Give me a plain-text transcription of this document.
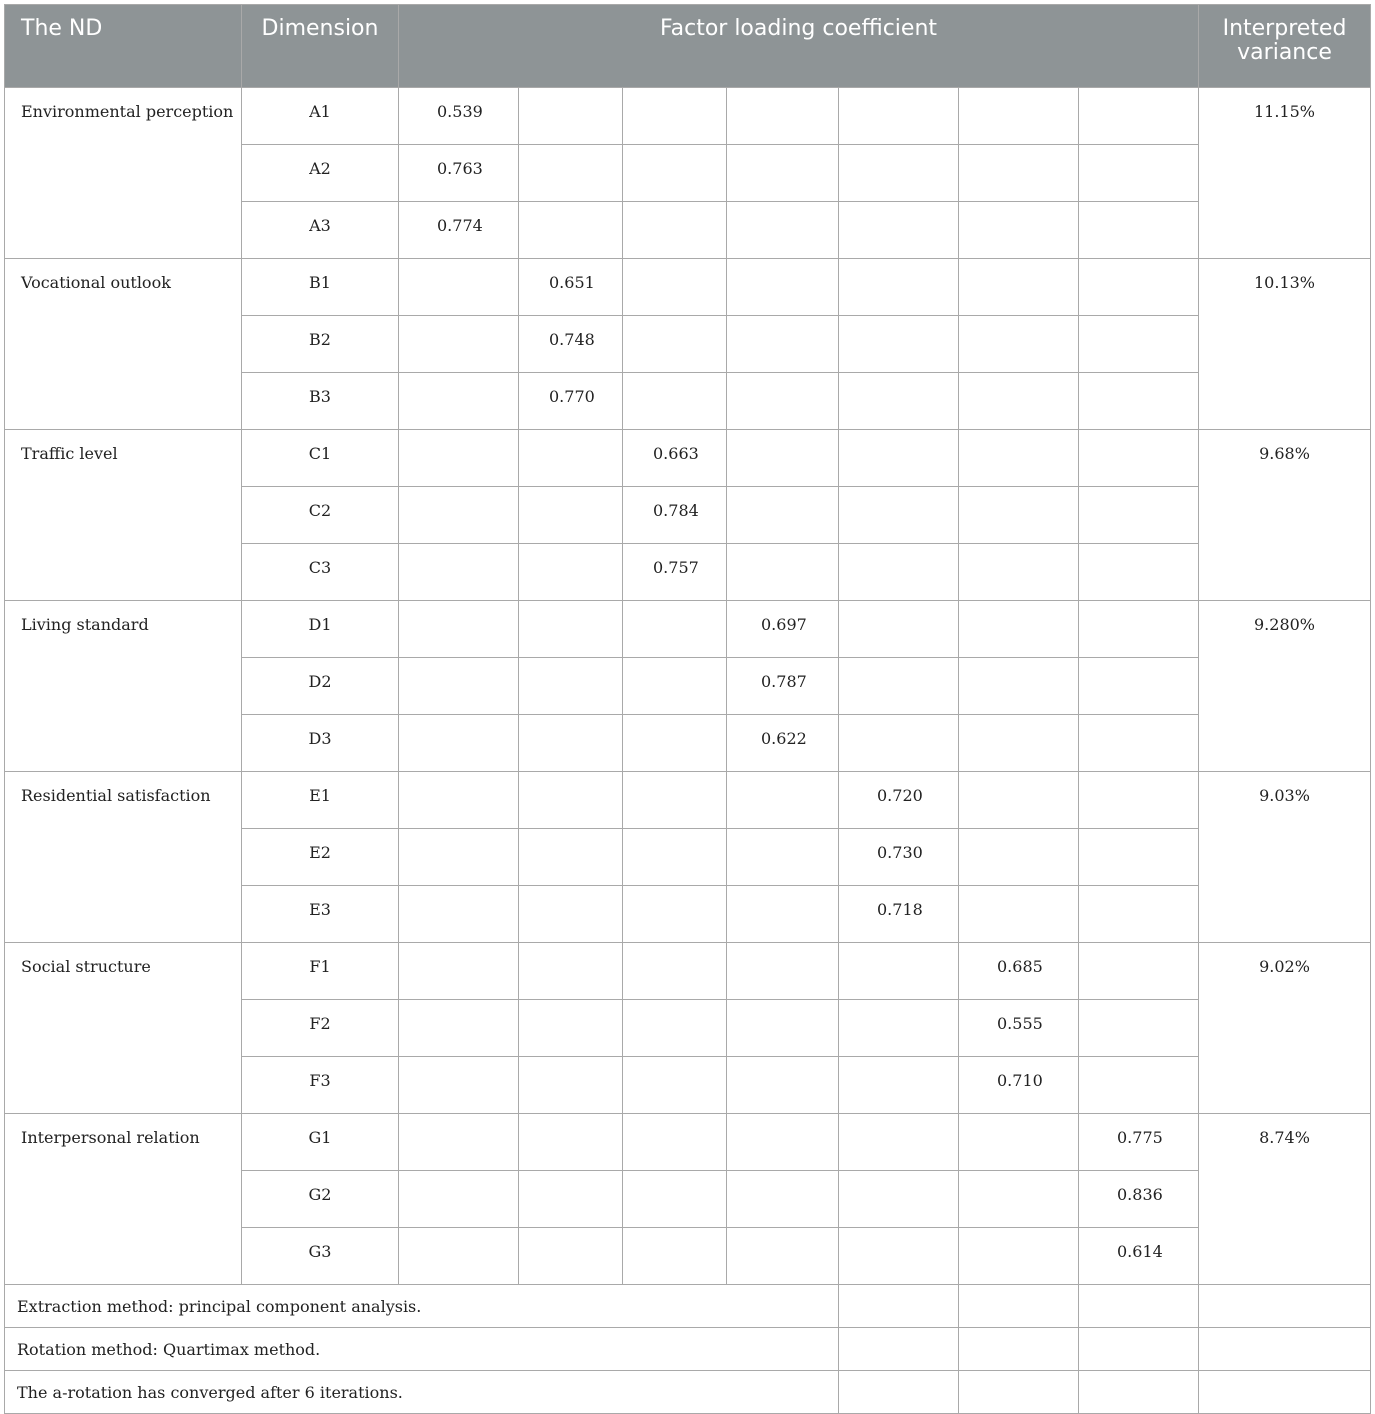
The ND	Dimension	Factor loading coefficient							Interpreted
variance
Environmental perception	A1	0.539							11.15%
	A2	0.763							
	A3	0.774							
Vocational outlook	B1		0.651						10.13%
	B2		0.748						
	B3		0.770						
Traffic level	C1			0.663					9.68%
	C2			0.784					
	C3			0.757					
Living standard	D1				0.697				9.280%
	D2				0.787				
	D3				0.622				
Residential satisfaction	E1					0.720			9.03%
	E2					0.730			
	E3					0.718			
Social structure	F1						0.685		9.02%
	F2						0.555		
	F3						0.710		
Interpersonal relation	G1							0.775	8.74%
	G2							0.836	
	G3							0.614	
Extraction method: principal component analysis.									
Rotation method: Quartimax method.									
The a-rotation has converged after 6 iterations.									
